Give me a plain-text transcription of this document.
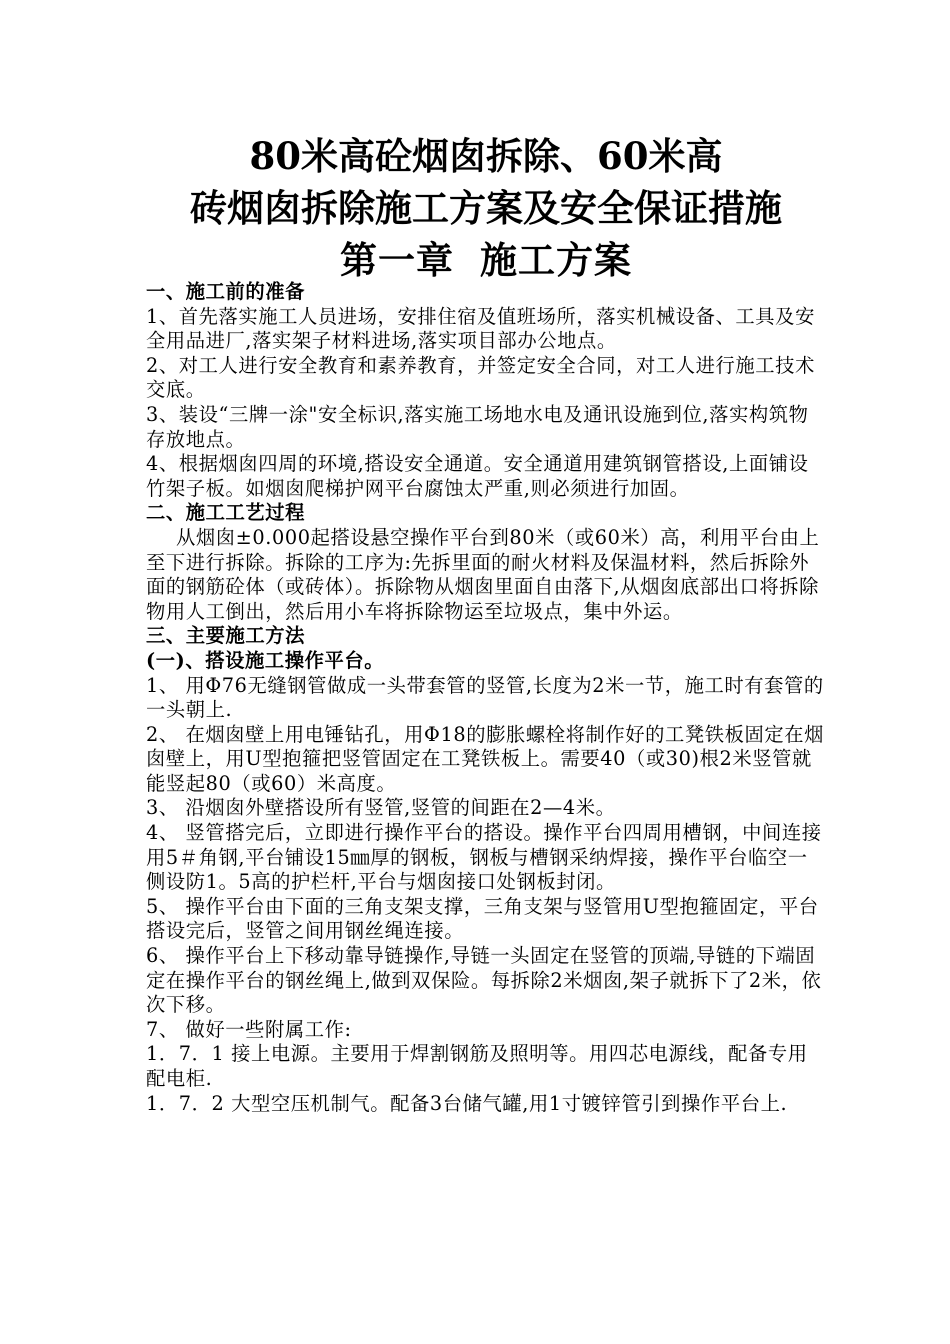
80米高砼烟囱拆除、60米高
砖烟囱拆除施工方案及安全保证措施
第一章 施工方案

一、施工前的准备

1、首先落实施工人员进场，安排住宿及值班场所，落实机械设备、工具及安全用品进厂,落实架子材料进场,落实项目部办公地点。

2、对工人进行安全教育和素养教育，并签定安全合同，对工人进行施工技术交底。

3、装设“三牌一涂"安全标识,落实施工场地水电及通讯设施到位,落实构筑物存放地点。

4、根据烟囱四周的环境,搭设安全通道。安全通道用建筑钢管搭设,上面铺设竹架子板。如烟囱爬梯护网平台腐蚀太严重,则必须进行加固。

二、施工工艺过程

从烟囱±0.000起搭设悬空操作平台到80米（或60米）高，利用平台由上至下进行拆除。拆除的工序为:先拆里面的耐火材料及保温材料，然后拆除外面的钢筋砼体（或砖体）。拆除物从烟囱里面自由落下,从烟囱底部出口将拆除物用人工倒出，然后用小车将拆除物运至垃圾点，集中外运。

三、主要施工方法

(一)、搭设施工操作平台。

1、 用Φ76无缝钢管做成一头带套管的竖管,长度为2米一节，施工时有套管的一头朝上.

2、 在烟囱壁上用电锤钻孔，用Φ18的膨胀螺栓将制作好的工凳铁板固定在烟囱壁上，用U型抱箍把竖管固定在工凳铁板上。需要40（或30)根2米竖管就能竖起80（或60）米高度。

3、 沿烟囱外壁搭设所有竖管,竖管的间距在2—4米。

4、 竖管搭完后，立即进行操作平台的搭设。操作平台四周用槽钢，中间连接用5＃角钢,平台铺设15㎜厚的钢板，钢板与槽钢采纳焊接，操作平台临空一侧设防1。5高的护栏杆,平台与烟囱接口处钢板封闭。

5、 操作平台由下面的三角支架支撑，三角支架与竖管用U型抱箍固定，平台搭设完后，竖管之间用钢丝绳连接。

6、 操作平台上下移动靠导链操作,导链一头固定在竖管的顶端,导链的下端固定在操作平台的钢丝绳上,做到双保险。每拆除2米烟囱,架子就拆下了2米，依次下移。

7、 做好一些附属工作:

1．7．1 接上电源。主要用于焊割钢筋及照明等。用四芯电源线，配备专用配电柜.

1．7．2 大型空压机制气。配备3台储气罐,用1寸镀锌管引到操作平台上.
